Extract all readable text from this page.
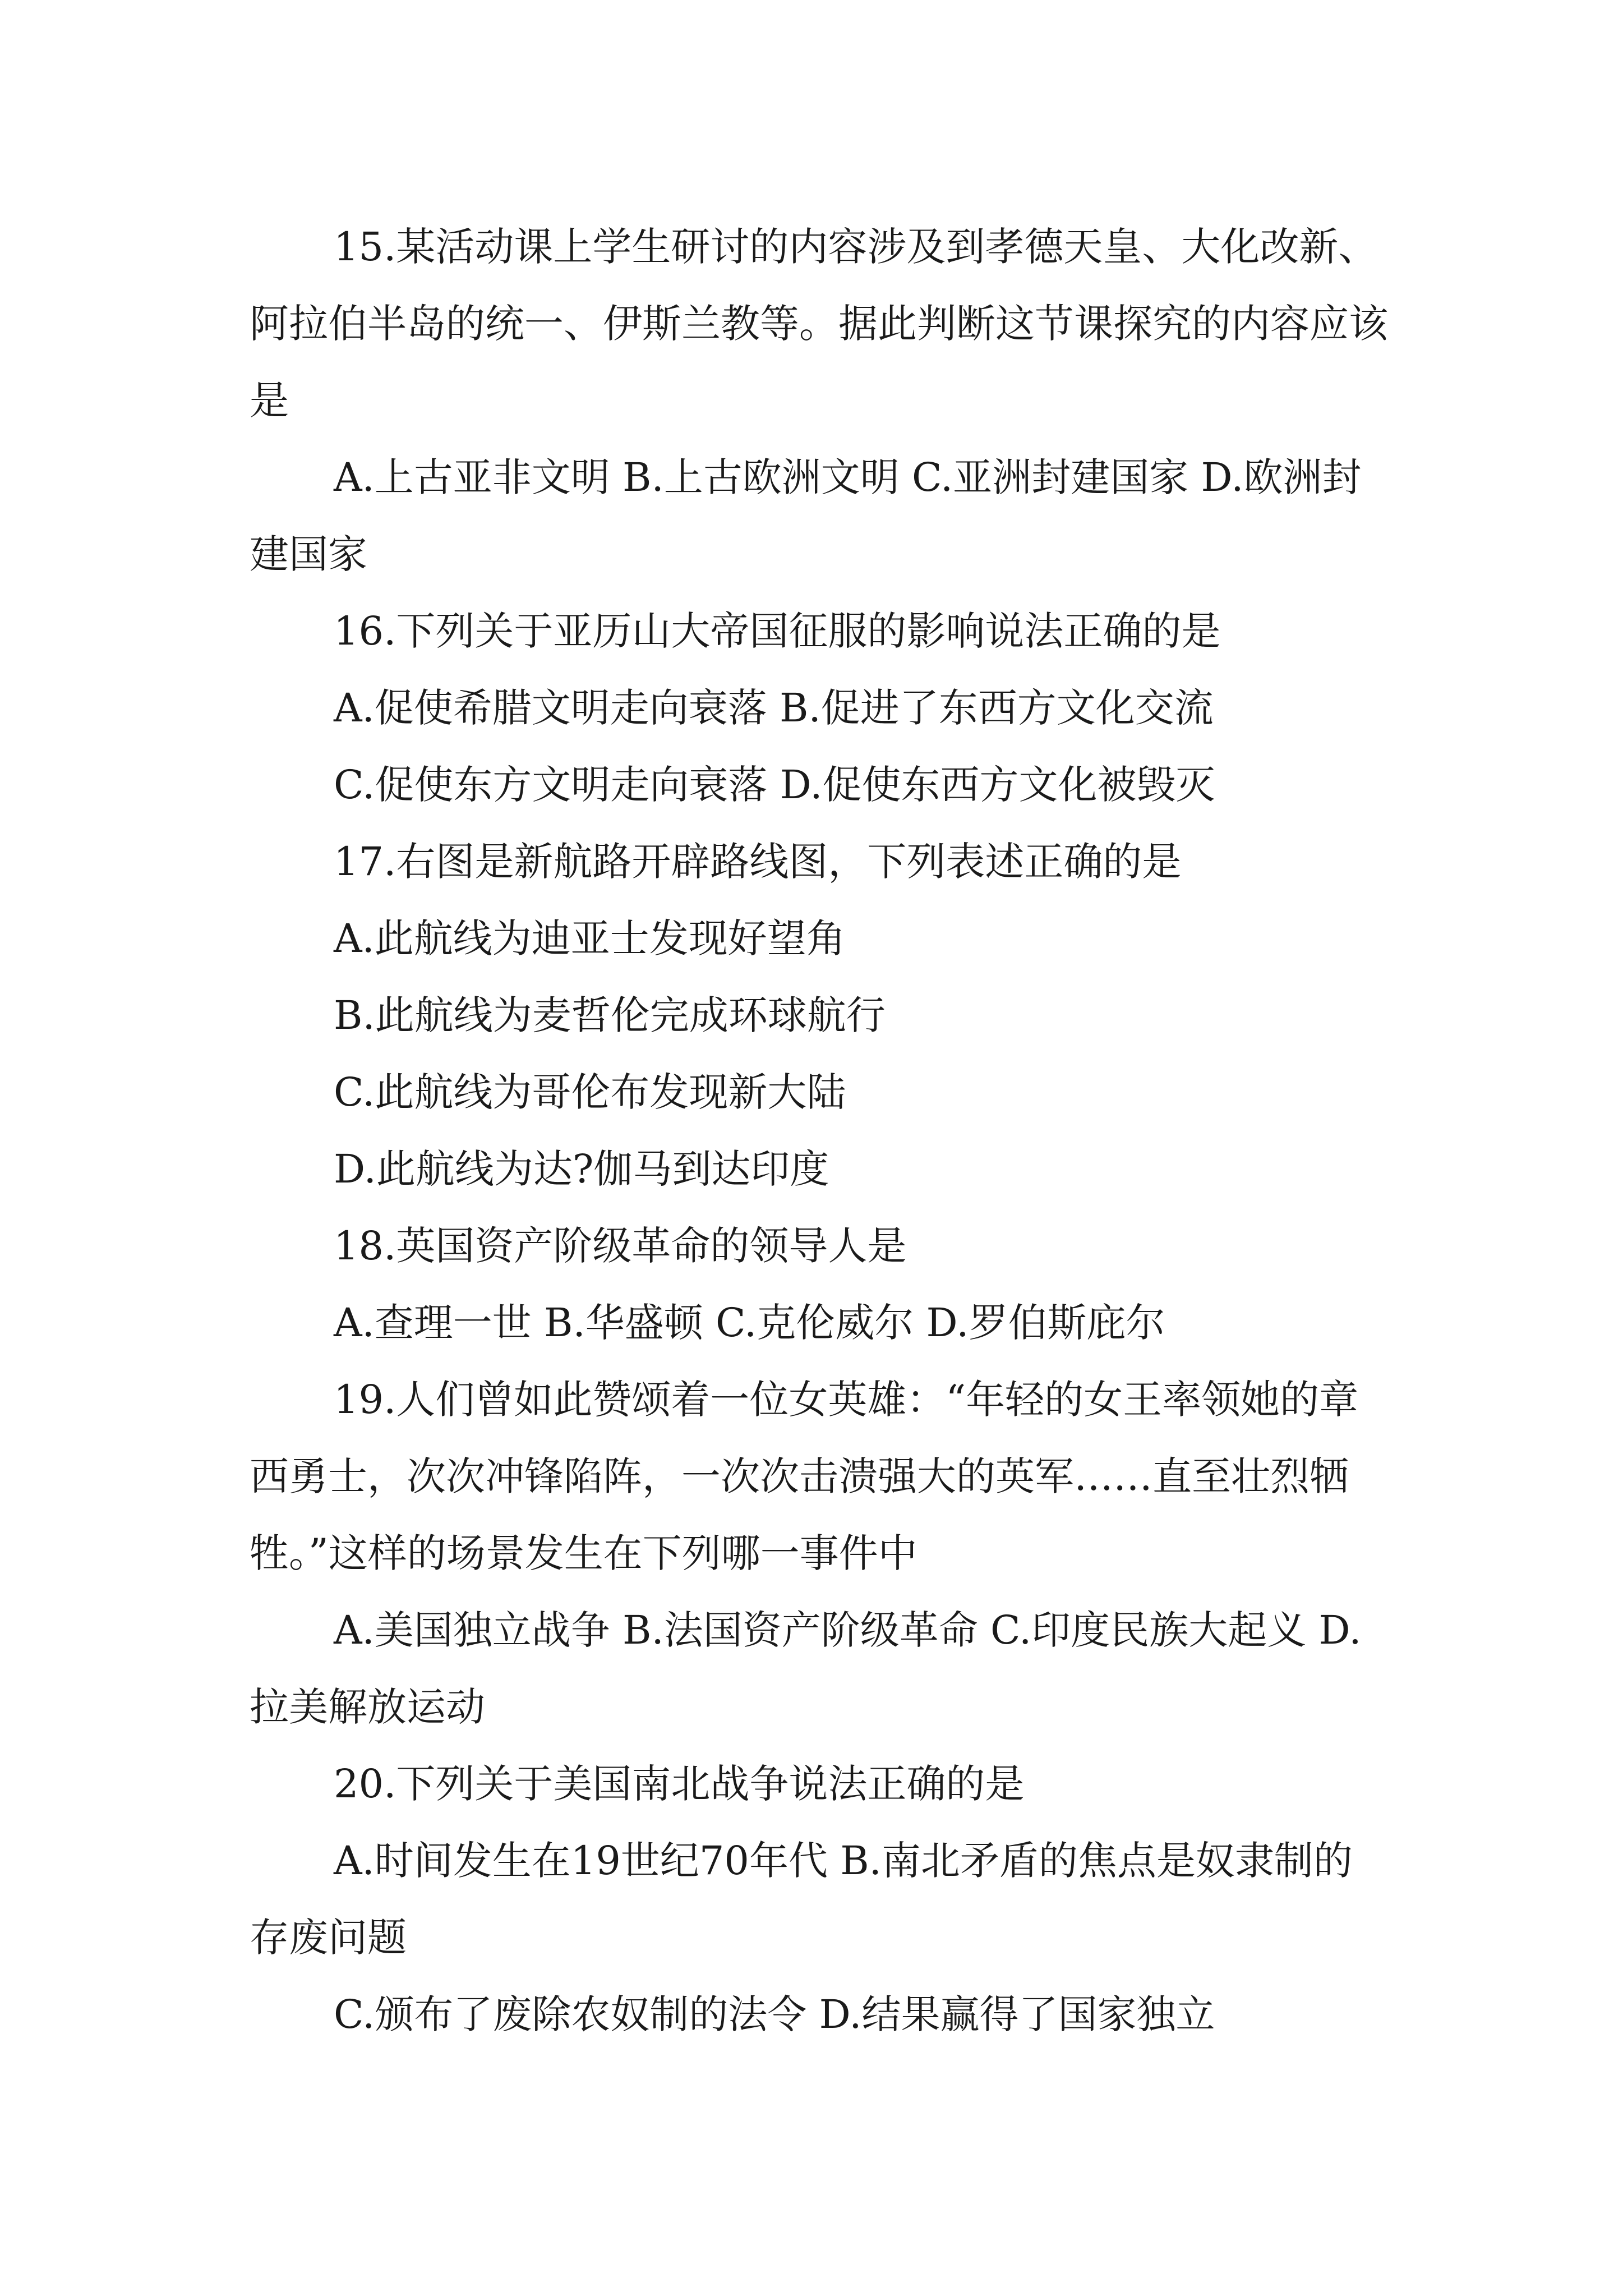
15.某活动课上学生研讨的内容涉及到孝德天皇、大化改新、阿拉伯半岛的统一、伊斯兰教等。据此判断这节课探究的内容应该是

A.上古亚非文明 B.上古欧洲文明 C.亚洲封建国家 D.欧洲封建国家

16.下列关于亚历山大帝国征服的影响说法正确的是

A.促使希腊文明走向衰落 B.促进了东西方文化交流

C.促使东方文明走向衰落 D.促使东西方文化被毁灭

17.右图是新航路开辟路线图，下列表述正确的是

A.此航线为迪亚士发现好望角

B.此航线为麦哲伦完成环球航行

C.此航线为哥伦布发现新大陆

D.此航线为达?伽马到达印度

18.英国资产阶级革命的领导人是

A.查理一世 B.华盛顿 C.克伦威尔 D.罗伯斯庇尔

19.人们曾如此赞颂着一位女英雄：“年轻的女王率领她的章西勇士，次次冲锋陷阵，一次次击溃强大的英军……直至壮烈牺牲。”这样的场景发生在下列哪一事件中

A.美国独立战争 B.法国资产阶级革命 C.印度民族大起义 D.拉美解放运动

20.下列关于美国南北战争说法正确的是

A.时间发生在19世纪70年代 B.南北矛盾的焦点是奴隶制的存废问题

C.颁布了废除农奴制的法令 D.结果赢得了国家独立
